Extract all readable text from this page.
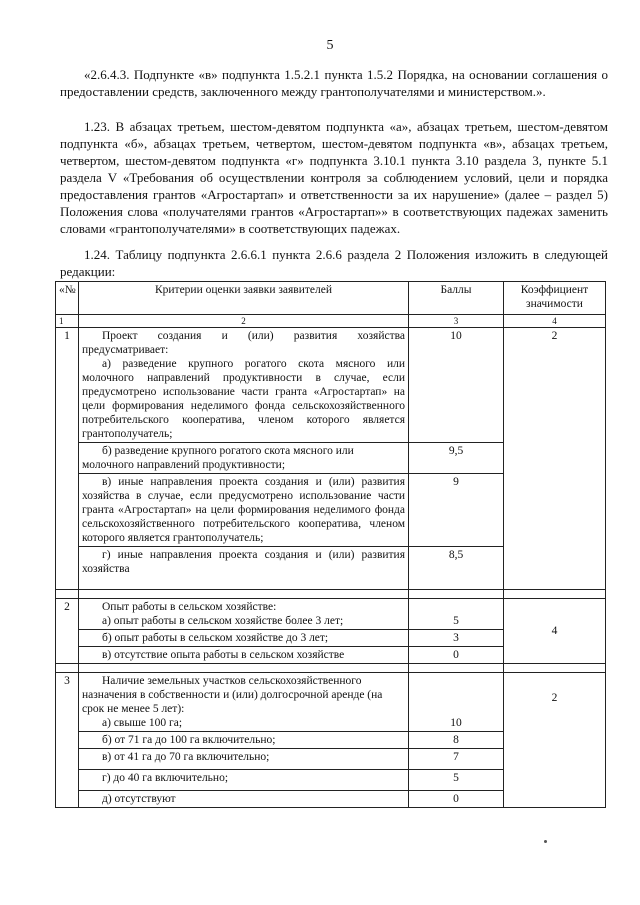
5

«2.6.4.3. Подпункте «в» подпункта 1.5.2.1 пункта 1.5.2 Порядка, на основании соглашения о предоставлении средств, заключенного между грантополучателями и министерством.».

1.23. В абзацах третьем, шестом-девятом подпункта «а», абзацах третьем, шестом-девятом подпункта «б», абзацах третьем, четвертом, шестом-девятом подпункта «в», абзацах третьем, четвертом, шестом-девятом подпункта «г» подпункта 3.10.1 пункта 3.10 раздела 3, пункте 5.1 раздела V «Требования об осуществлении контроля за соблюдением условий, цели и порядка предоставления грантов «Агростартап» и ответственности за их нарушение» (далее – раздел 5) Положения слова «получателями грантов «Агростартап»» в соответствующих падежах заменить словами «грантополучателями» в соответствующих падежах.

1.24. Таблицу подпункта 2.6.6.1 пункта 2.6.6 раздела 2 Положения изложить в следующей редакции:

«№	Критерии оценки заявки заявителей	Баллы	Коэффициент значимости
1	2	3	4
1	Проект создания и (или) развития хозяйства предусматривает:
а) разведение крупного рогатого скота мясного или молочного направлений продуктивности в случае, если предусмотрено использование части гранта «Агростартап» на цели формирования неделимого фонда сельскохозяйственного потребительского кооператива, членом которого является грантополучатель;	10	2
	б) разведение крупного рогатого скота мясного или молочного направлений продуктивности;	9,5	
	в) иные направления проекта создания и (или) развития хозяйства в случае, если предусмотрено использование части гранта «Агростартап» на цели формирования неделимого фонда сельскохозяйственного потребительского кооператива, членом которого является грантополучатель;	9	
	г) иные направления проекта создания и (или) развития хозяйства	8,5	

2	Опыт работы в сельском хозяйстве:
а) опыт работы в сельском хозяйстве более 3 лет;	5	4
	б) опыт работы в сельском хозяйстве до 3 лет;	3	
	в) отсутствие опыта работы в сельском хозяйстве	0	

3	Наличие земельных участков сельскохозяйственного назначения в собственности и (или) долгосрочной аренде (на срок не менее 5 лет):
а) свыше 100 га;	10	2
	б) от 71 га до 100 га включительно;	8	
	в) от 41 га до 70 га включительно;	7	
	г) до 40 га включительно;	5	
	д) отсутствуют	0	
